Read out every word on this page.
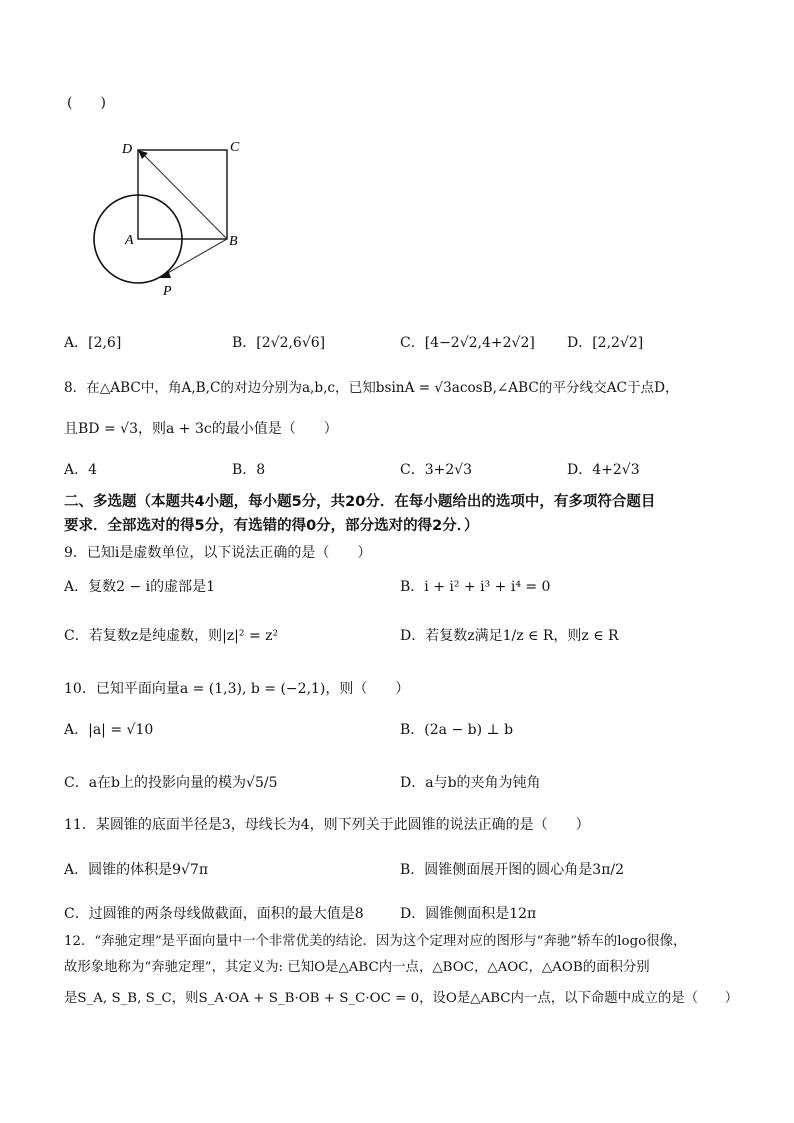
(　　)
D	C
A	B
P
A．[2,6]	B．[2√2,6√6]	C．[4−2√2,4+2√2] D．[2,2√2]
8．在△ABC中，角A,B,C的对边分别为a,b,c，已知bsinA = √3acosB,∠ABC的平分线交AC于点D，
且BD = √3，则a + 3c的最小值是（　　）
A．4	B．8	C．3+2√3	D．4+2√3
二、多选题（本题共4小题，每小题5分，共20分．在每小题给出的选项中，有多项符合题目
要求．全部选对的得5分，有选错的得0分，部分选对的得2分．）
9．已知i是虚数单位，以下说法正确的是（　　）
A．复数2 − i的虚部是1	B．i + i² + i³ + i⁴ = 0
C．若复数z是纯虚数，则|z|² = z²	D．若复数z满足1/z ∈ R，则z ∈ R
10．已知平面向量a = (1,3), b = (−2,1)，则（　　）
A．|a| = √10	B．(2a − b) ⊥ b
C．a在b上的投影向量的模为√5/5	D．a与b的夹角为钝角
11．某圆锥的底面半径是3，母线长为4，则下列关于此圆锥的说法正确的是（　　）
A．圆锥的体积是9√7π	B．圆锥侧面展开图的圆心角是3π/2
C．过圆锥的两条母线做截面，面积的最大值是8	D．圆锥侧面积是12π
12．“奔驰定理”是平面向量中一个非常优美的结论．因为这个定理对应的图形与“奔驰”轿车的logo很像，
故形象地称为“奔驰定理”，其定义为: 已知O是△ABC内一点，△BOC，△AOC，△AOB的面积分别
是S_A, S_B, S_C，则S_A·OA + S_B·OB + S_C·OC = 0，设O是△ABC内一点，以下命题中成立的是（　　）
